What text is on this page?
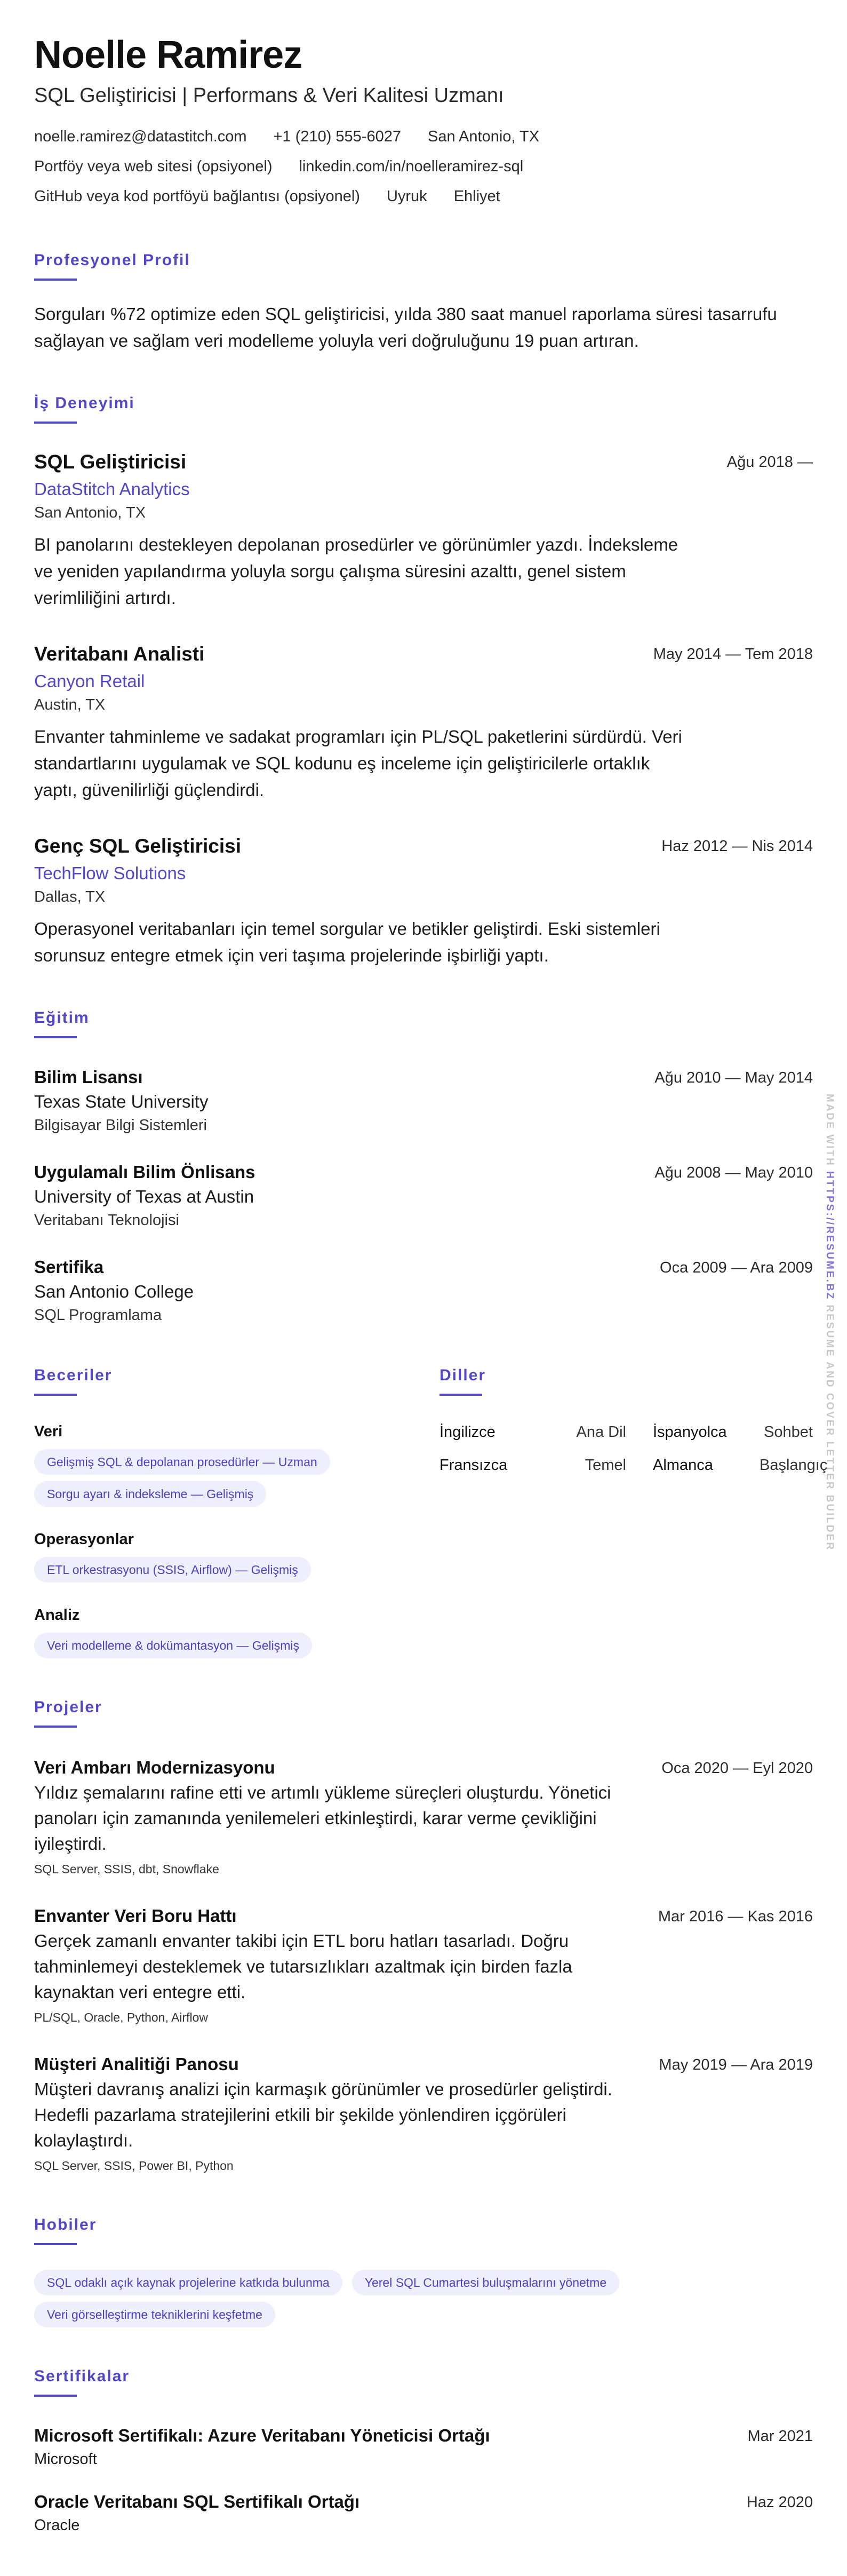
Noelle Ramirez
SQL Geliştiricisi | Performans & Veri Kalitesi Uzmanı
noelle.ramirez@datastitch.com +1 (210) 555-6027 San Antonio, TX
Portföy veya web sitesi (opsiyonel) linkedin.com/in/noelleramirez-sql
GitHub veya kod portföyü bağlantısı (opsiyonel) Uyruk Ehliyet
Profesyonel Profil
Sorguları %72 optimize eden SQL geliştiricisi, yılda 380 saat manuel raporlama süresi tasarrufu sağlayan ve sağlam veri modelleme yoluyla veri doğruluğunu 19 puan artıran.
İş Deneyimi
SQL Geliştiricisi	Ağu 2018 —
DataStitch Analytics
San Antonio, TX
BI panolarını destekleyen depolanan prosedürler ve görünümler yazdı. İndeksleme ve yeniden yapılandırma yoluyla sorgu çalışma süresini azalttı, genel sistem verimliliğini artırdı.
Veritabanı Analisti	May 2014 — Tem 2018
Canyon Retail
Austin, TX
Envanter tahminleme ve sadakat programları için PL/SQL paketlerini sürdürdü. Veri standartlarını uygulamak ve SQL kodunu eş inceleme için geliştiricilerle ortaklık yaptı, güvenilirliği güçlendirdi.
Genç SQL Geliştiricisi	Haz 2012 — Nis 2014
TechFlow Solutions
Dallas, TX
Operasyonel veritabanları için temel sorgular ve betikler geliştirdi. Eski sistemleri sorunsuz entegre etmek için veri taşıma projelerinde işbirliği yaptı.
Eğitim
Bilim Lisansı	Ağu 2010 — May 2014
Texas State University
Bilgisayar Bilgi Sistemleri
Uygulamalı Bilim Önlisans	Ağu 2008 — May 2010
University of Texas at Austin
Veritabanı Teknolojisi
Sertifika	Oca 2009 — Ara 2009
San Antonio College
SQL Programlama
Beceriler
Veri
Gelişmiş SQL & depolanan prosedürler — Uzman
Sorgu ayarı & indeksleme — Gelişmiş
Operasyonlar
ETL orkestrasyonu (SSIS, Airflow) — Gelişmiş
Analiz
Veri modelleme & dokümantasyon — Gelişmiş
Diller
İngilizce	Ana Dil	İspanyolca	Sohbet
Fransızca	Temel	Almanca	Başlangıç
Projeler
Veri Ambarı Modernizasyonu	Oca 2020 — Eyl 2020
Yıldız şemalarını rafine etti ve artımlı yükleme süreçleri oluşturdu. Yönetici panoları için zamanında yenilemeleri etkinleştirdi, karar verme çevikliğini iyileştirdi.
SQL Server, SSIS, dbt, Snowflake
Envanter Veri Boru Hattı	Mar 2016 — Kas 2016
Gerçek zamanlı envanter takibi için ETL boru hatları tasarladı. Doğru tahminlemeyi desteklemek ve tutarsızlıkları azaltmak için birden fazla kaynaktan veri entegre etti.
PL/SQL, Oracle, Python, Airflow
Müşteri Analitiği Panosu	May 2019 — Ara 2019
Müşteri davranış analizi için karmaşık görünümler ve prosedürler geliştirdi. Hedefli pazarlama stratejilerini etkili bir şekilde yönlendiren içgörüleri kolaylaştırdı.
SQL Server, SSIS, Power BI, Python
Hobiler
SQL odaklı açık kaynak projelerine katkıda bulunma	Yerel SQL Cumartesi buluşmalarını yönetme
Veri görselleştirme tekniklerini keşfetme
Sertifikalar
Microsoft Sertifikalı: Azure Veritabanı Yöneticisi Ortağı	Mar 2021
Microsoft
Oracle Veritabanı SQL Sertifikalı Ortağı	Haz 2020
Oracle
MADE WITH HTTPS://RESUME.BZ RESUME AND COVER LETTER BUILDER
